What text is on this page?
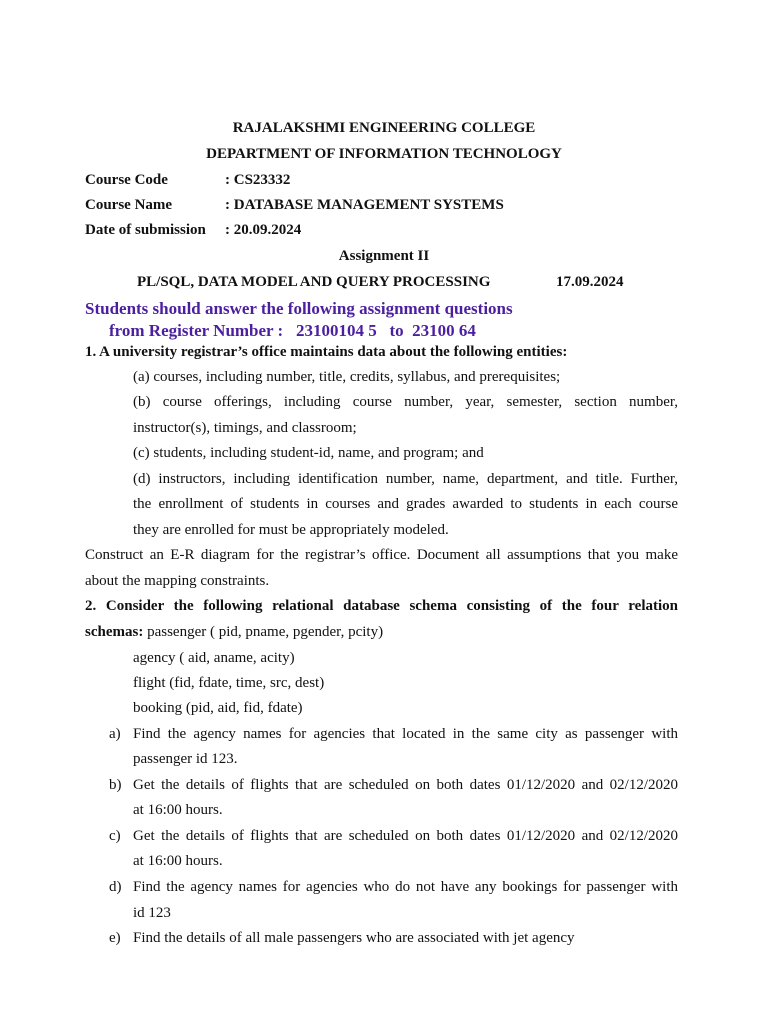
RAJALAKSHMI ENGINEERING COLLEGE
DEPARTMENT OF INFORMATION TECHNOLOGY
Course Code	: CS23332
Course Name	: DATABASE MANAGEMENT SYSTEMS
Date of submission : 20.09.2024
Assignment II
PL/SQL, DATA MODEL AND QUERY PROCESSING	17.09.2024
Students should answer the following assignment questions
from Register Number : 23100104 5 to 23100 64
1. A university registrar’s office maintains data about the following entities:
(a) courses, including number, title, credits, syllabus, and prerequisites;
(b) course offerings, including course number, year, semester, section number,
instructor(s), timings, and classroom;
(c) students, including student-id, name, and program; and
(d) instructors, including identification number, name, department, and title. Further,
the enrollment of students in courses and grades awarded to students in each course
they are enrolled for must be appropriately modeled.
Construct an E-R diagram for the registrar’s office. Document all assumptions that you make
about the mapping constraints.
2. Consider the following relational database schema consisting of the four relation
schemas: passenger ( pid, pname, pgender, pcity)
agency ( aid, aname, acity)
flight (fid, fdate, time, src, dest)
booking (pid, aid, fid, fdate)
a) Find the agency names for agencies that located in the same city as passenger with
passenger id 123.
b) Get the details of flights that are scheduled on both dates 01/12/2020 and 02/12/2020
at 16:00 hours.
c) Get the details of flights that are scheduled on both dates 01/12/2020 and 02/12/2020
at 16:00 hours.
d) Find the agency names for agencies who do not have any bookings for passenger with
id 123
e) Find the details of all male passengers who are associated with jet agency
